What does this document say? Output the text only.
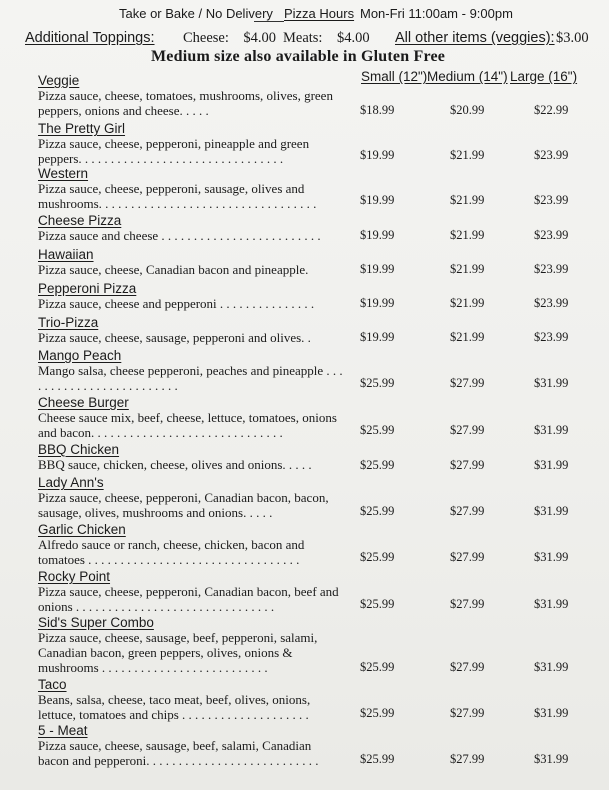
Take or Bake / No Delivery Pizza Hours Mon-Fri 11:00am - 9:00pm
Additional Toppings: Cheese: $4.00 Meats: $4.00 All other items (veggies): $3.00
Medium size also available in Gluten Free
Small (12") Medium (14") Large (16")
Veggie
Pizza sauce, cheese, tomatoes, mushrooms, olives, green peppers, onions and cheese. . . . .	$18.99	$20.99	$22.99
The Pretty Girl
Pizza sauce, cheese, pepperoni, pineapple and green peppers. . . . . . . . . . . . . . . . . . . . . . . . . . . . . . . .	$19.99	$21.99	$23.99
Western
Pizza sauce, cheese, pepperoni, sausage, olives and mushrooms. . . . . . . . . . . . . . . . . . . . . . . . . . . . . . . . . .	$19.99	$21.99	$23.99
Cheese Pizza
Pizza sauce and cheese . . . . . . . . . . . . . . . . . . . . . . . . .	$19.99	$21.99	$23.99
Hawaiian
Pizza sauce, cheese, Canadian bacon and pineapple.	$19.99	$21.99	$23.99
Pepperoni Pizza
Pizza sauce, cheese and pepperoni . . . . . . . . . . . . . . .	$19.99	$21.99	$23.99
Trio-Pizza
Pizza sauce, cheese, sausage, pepperoni and olives. .	$19.99	$21.99	$23.99
Mango Peach
Mango salsa, cheese pepperoni, peaches and pineapple . . . . . . . . . . . . . . . . . . . . . . . . .	$25.99	$27.99	$31.99
Cheese Burger
Cheese sauce mix, beef, cheese, lettuce, tomatoes, onions and bacon. . . . . . . . . . . . . . . . . . . . . . . . . . . . . .	$25.99	$27.99	$31.99
BBQ Chicken
BBQ sauce, chicken, cheese, olives and onions. . . . .	$25.99	$27.99	$31.99
Lady Ann's
Pizza sauce, cheese, pepperoni, Canadian bacon, bacon, sausage, olives, mushrooms and onions. . . . .	$25.99	$27.99	$31.99
Garlic Chicken
Alfredo sauce or ranch, cheese, chicken, bacon and tomatoes . . . . . . . . . . . . . . . . . . . . . . . . . . . . . . . . .	$25.99	$27.99	$31.99
Rocky Point
Pizza sauce, cheese, pepperoni, Canadian bacon, beef and onions . . . . . . . . . . . . . . . . . . . . . . . . . . . . . . .	$25.99	$27.99	$31.99
Sid's Super Combo
Pizza sauce, cheese, sausage, beef, pepperoni, salami, Canadian bacon, green peppers, olives, onions & mushrooms . . . . . . . . . . . . . . . . . . . . . . . . . .	$25.99	$27.99	$31.99
Taco
Beans, salsa, cheese, taco meat, beef, olives, onions, lettuce, tomatoes and chips . . . . . . . . . . . . . . . . . . . .	$25.99	$27.99	$31.99
5 - Meat
Pizza sauce, cheese, sausage, beef, salami, Canadian bacon and pepperoni. . . . . . . . . . . . . . . . . . . . . . . . . . .	$25.99	$27.99	$31.99
